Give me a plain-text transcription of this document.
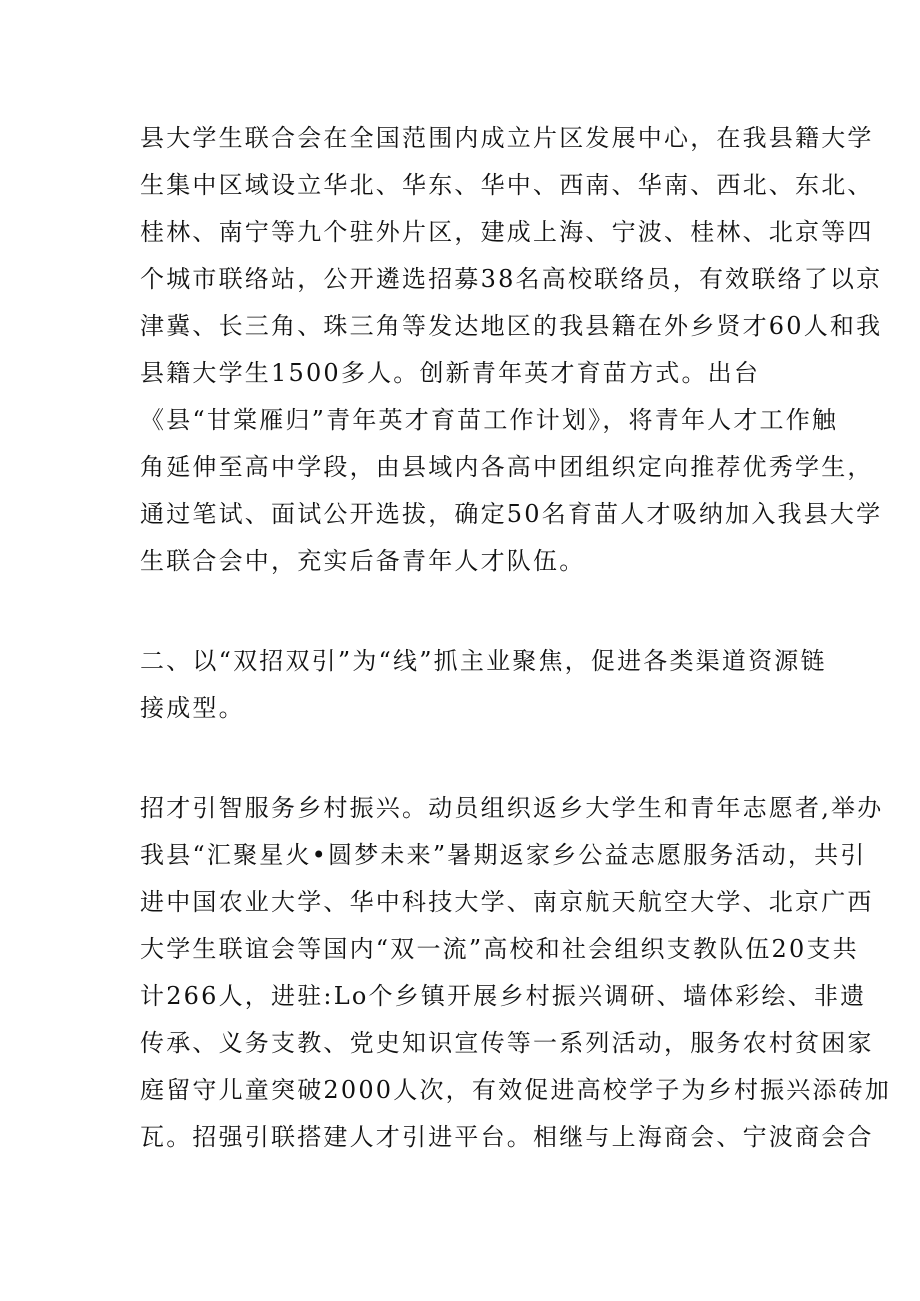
县大学生联合会在全国范围内成立片区发展中心，在我县籍大学
生集中区域设立华北、华东、华中、西南、华南、西北、东北、
桂林、南宁等九个驻外片区，建成上海、宁波、桂林、北京等四
个城市联络站，公开遴选招募38名高校联络员，有效联络了以京
津冀、长三角、珠三角等发达地区的我县籍在外乡贤才60人和我
县籍大学生1500多人。创新青年英才育苗方式。出台
《县“甘棠雁归”青年英才育苗工作计划》，将青年人才工作触
角延伸至高中学段，由县域内各高中团组织定向推荐优秀学生，
通过笔试、面试公开选拔，确定50名育苗人才吸纳加入我县大学
生联合会中，充实后备青年人才队伍。
二、以“双招双引”为“线”抓主业聚焦，促进各类渠道资源链
接成型。
招才引智服务乡村振兴。动员组织返乡大学生和青年志愿者,举办
我县“汇聚星火•圆梦未来”暑期返家乡公益志愿服务活动，共引
进中国农业大学、华中科技大学、南京航天航空大学、北京广西
大学生联谊会等国内“双一流”高校和社会组织支教队伍20支共
计266人，进驻:Lo个乡镇开展乡村振兴调研、墙体彩绘、非遗
传承、义务支教、党史知识宣传等一系列活动，服务农村贫困家
庭留守儿童突破2000人次，有效促进高校学子为乡村振兴添砖加
瓦。招强引联搭建人才引进平台。相继与上海商会、宁波商会合
